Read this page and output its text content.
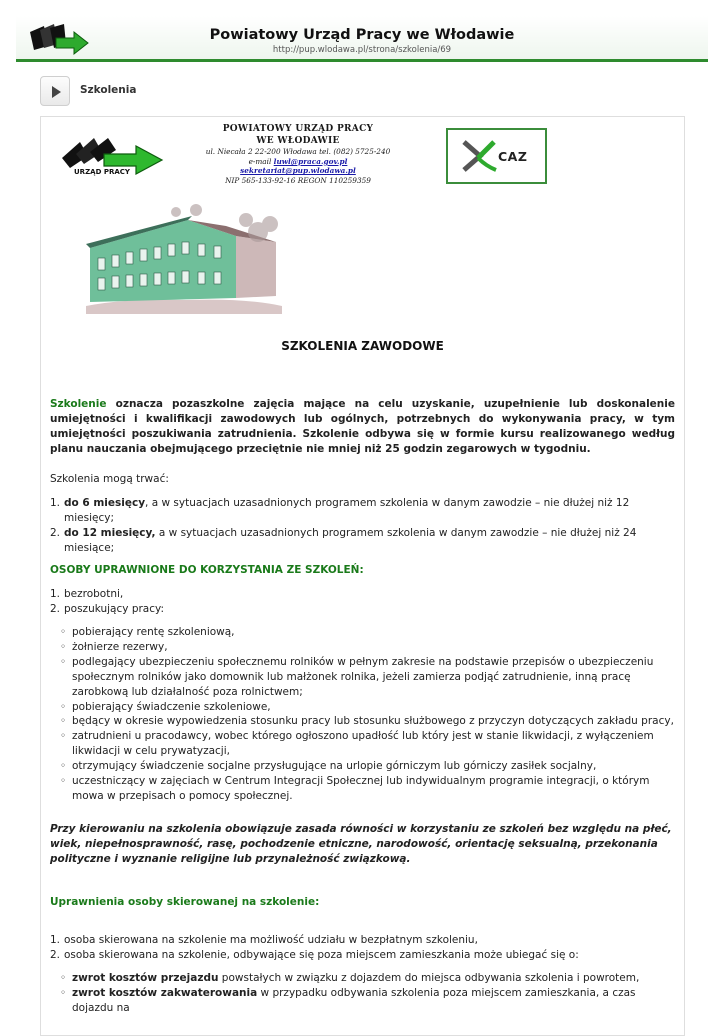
Powiatowy Urząd Pracy we Włodawie
http://pup.wlodawa.pl/strona/szkolenia/69
Szkolenia
URZĄD PRACY
POWIATOWY URZĄD PRACY
WE WŁODAWIE
ul. Niecała 2 22-200 Włodawa tel. (082) 5725-240
e-mail luwl@praca.gov.pl
sekretariat@pup.wlodawa.pl
NIP 565-133-92-16 REGON 110259359
CAZ
SZKOLENIA ZAWODOWE
Szkolenie oznacza pozaszkolne zajęcia mające na celu uzyskanie, uzupełnienie lub doskonalenie umiejętności i kwalifikacji zawodowych lub ogólnych, potrzebnych do wykonywania pracy, w tym umiejętności poszukiwania zatrudnienia. Szkolenie odbywa się w formie kursu realizowanego według planu nauczania obejmującego przeciętnie nie mniej niż 25 godzin zegarowych w tygodniu.
Szkolenia mogą trwać:
1. do 6 miesięcy, a w sytuacjach uzasadnionych programem szkolenia w danym zawodzie – nie dłużej niż 12 miesięcy;
2. do 12 miesięcy, a w sytuacjach uzasadnionych programem szkolenia w danym zawodzie – nie dłużej niż 24 miesiące;
OSOBY UPRAWNIONE DO KORZYSTANIA ZE SZKOLEŃ:
1. bezrobotni,
2. poszukujący pracy:
◦ pobierający rentę szkoleniową,
◦ żołnierze rezerwy,
◦ podlegający ubezpieczeniu społecznemu rolników w pełnym zakresie na podstawie przepisów o ubezpieczeniu społecznym rolników jako domownik lub małżonek rolnika, jeżeli zamierza podjąć zatrudnienie, inną pracę zarobkową lub działalność poza rolnictwem;
◦ pobierający świadczenie szkoleniowe,
◦ będący w okresie wypowiedzenia stosunku pracy lub stosunku służbowego z przyczyn dotyczących zakładu pracy,
◦ zatrudnieni u pracodawcy, wobec którego ogłoszono upadłość lub który jest w stanie likwidacji, z wyłączeniem likwidacji w celu prywatyzacji,
◦ otrzymujący świadczenie socjalne przysługujące na urlopie górniczym lub górniczy zasiłek socjalny,
◦ uczestniczący w zajęciach w Centrum Integracji Społecznej lub indywidualnym programie integracji, o którym mowa w przepisach o pomocy społecznej.
Przy kierowaniu na szkolenia obowiązuje zasada równości w korzystaniu ze szkoleń bez względu na płeć, wiek, niepełnosprawność, rasę, pochodzenie etniczne, narodowość, orientację seksualną, przekonania polityczne i wyznanie religijne lub przynależność związkową.
Uprawnienia osoby skierowanej na szkolenie:
1. osoba skierowana na szkolenie ma możliwość udziału w bezpłatnym szkoleniu,
2. osoba skierowana na szkolenie, odbywające się poza miejscem zamieszkania może ubiegać się o:
◦ zwrot kosztów przejazdu powstałych w związku z dojazdem do miejsca odbywania szkolenia i powrotem,
◦ zwrot kosztów zakwaterowania w przypadku odbywania szkolenia poza miejscem zamieszkania, a czas dojazdu na
